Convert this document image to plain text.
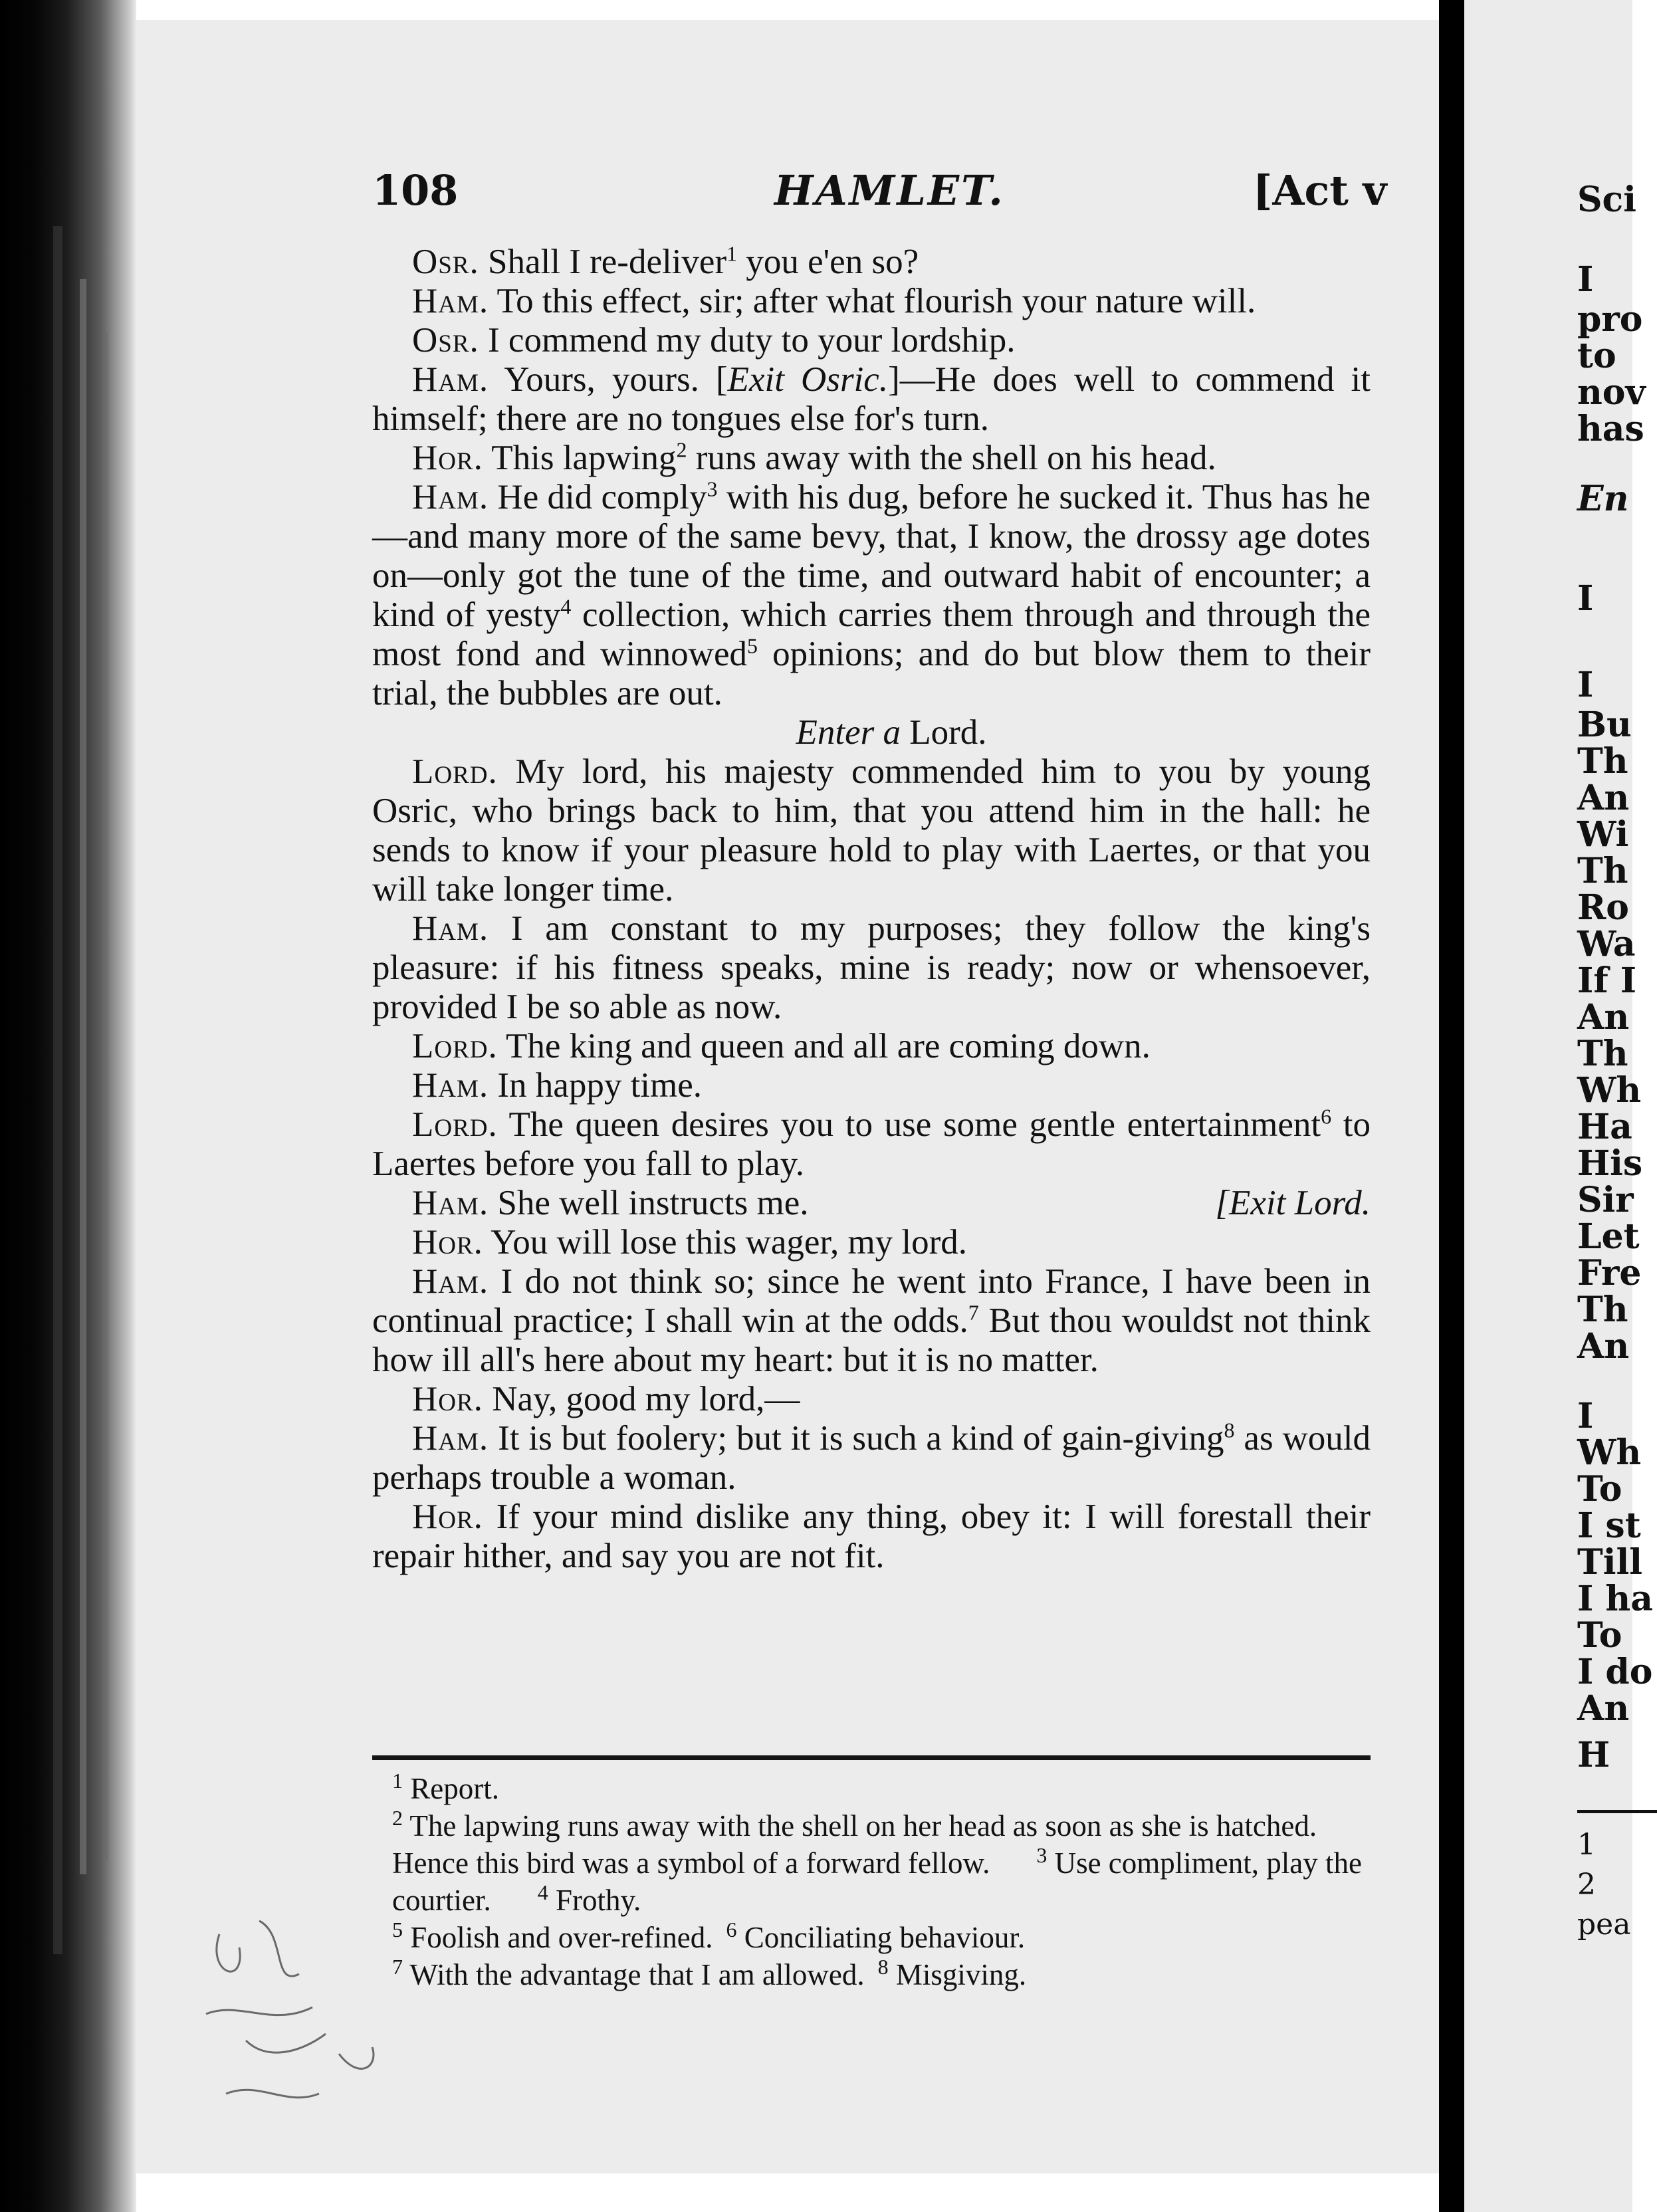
108	HAMLET.	[Act v

Osr. Shall I re-deliver$^1$ you e'en so?

Ham. To this effect, sir; after what flourish your nature will.

Osr. I commend my duty to your lordship.

Ham. Yours, yours. [Exit Osric.]—He does well to commend it himself; there are no tongues else for's turn.

Hor. This lapwing$^2$ runs away with the shell on his head.

Ham. He did comply$^3$ with his dug, before he sucked it. Thus has he—and many more of the same bevy, that, I know, the drossy age dotes on—only got the tune of the time, and outward habit of encounter; a kind of yesty$^4$ collection, which carries them through and through the most fond and winnowed$^5$ opinions; and do but blow them to their trial, the bubbles are out.

Enter a Lord.

Lord. My lord, his majesty commended him to you by young Osric, who brings back to him, that you attend him in the hall: he sends to know if your pleasure hold to play with Laertes, or that you will take longer time.

Ham. I am constant to my purposes; they follow the king's pleasure: if his fitness speaks, mine is ready; now or whensoever, provided I be so able as now.

Lord. The king and queen and all are coming down.

Ham. In happy time.

Lord. The queen desires you to use some gentle entertainment$^6$ to Laertes before you fall to play.

Ham. She well instructs me.	[Exit Lord.

Hor. You will lose this wager, my lord.

Ham. I do not think so; since he went into France, I have been in continual practice; I shall win at the odds.$^7$ But thou wouldst not think how ill all's here about my heart: but it is no matter.

Hor. Nay, good my lord,—

Ham. It is but foolery; but it is such a kind of gain-giving$^8$ as would perhaps trouble a woman.

Hor. If your mind dislike any thing, obey it: I will forestall their repair hither, and say you are not fit.

$^1$ Report.

$^2$ The lapwing runs away with the shell on her head as soon as she is hatched. Hence this bird was a symbol of a forward fellow. $^3$ Use compliment, play the courtier. $^4$ Frothy.

$^5$ Foolish and over-refined. $^6$ Conciliating behaviour.

$^7$ With the advantage that I am allowed. $^8$ Misgiving.

Sci
I
pro
to
nov
has
En
I
I
Bu
Th
An
Wi
Th
Ro
Wa
If I
An
Th
Wh
Ha
His
Sir
Let
Fre
Th
An
I
Wh
To
I st
Till
I ha
To
I do
An
H
1
2
pea
